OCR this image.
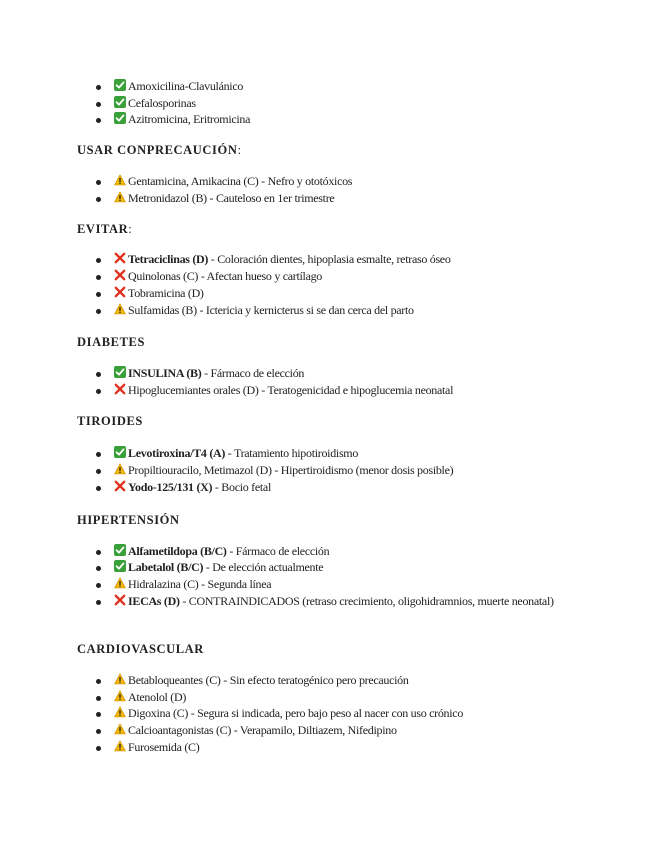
Amoxicilina-Clavulánico
Cefalosporinas
Azitromicina, Eritromicina
USAR CONPRECAUCIÓN:
Gentamicina, Amikacina (C) - Nefro y ototóxicos
Metronidazol (B) - Cauteloso en 1er trimestre
EVITAR:
Tetraciclinas (D) - Coloración dientes, hipoplasia esmalte, retraso óseo
Quinolonas (C) - Afectan hueso y cartílago
Tobramicina (D)
Sulfamidas (B) - Ictericia y kernicterus si se dan cerca del parto
DIABETES
INSULINA (B) - Fármaco de elección
Hipoglucemiantes orales (D) - Teratogenicidad e hipoglucemia neonatal
TIROIDES
Levotiroxina/T4 (A) - Tratamiento hipotiroidismo
Propiltiouracilo, Metimazol (D) - Hipertiroidismo (menor dosis posible)
Yodo-125/131 (X) - Bocio fetal
HIPERTENSIÓN
Alfametildopa (B/C) - Fármaco de elección
Labetalol (B/C) - De elección actualmente
Hidralazina (C) - Segunda línea
IECAs (D) - CONTRAINDICADOS (retraso crecimiento, oligohidramnios, muerte neonatal)
CARDIOVASCULAR
Betabloqueantes (C) - Sin efecto teratogénico pero precaución
Atenolol (D)
Digoxina (C) - Segura si indicada, pero bajo peso al nacer con uso crónico
Calcioantagonistas (C) - Verapamilo, Diltiazem, Nifedipino
Furosemida (C)
